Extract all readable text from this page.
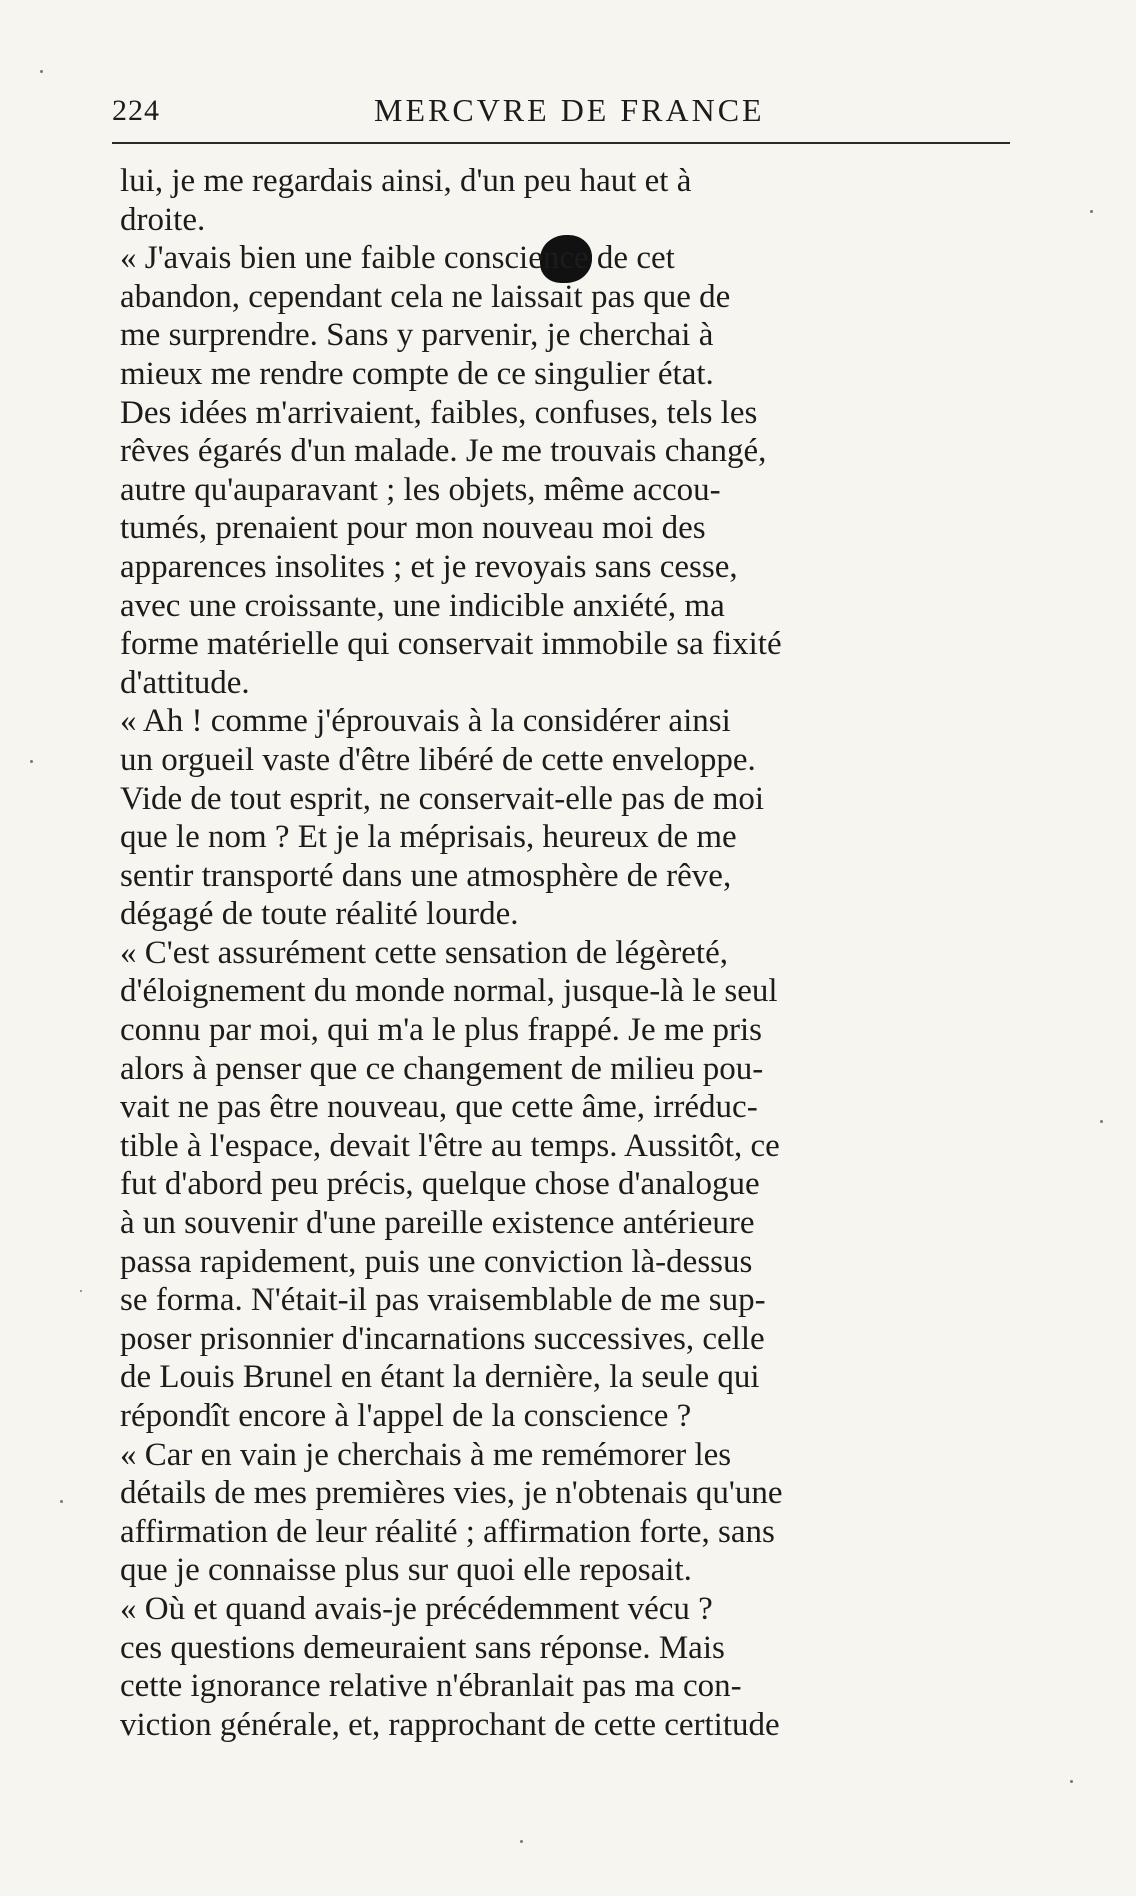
224	MERCVRE DE FRANCE
lui, je me regardais ainsi, d'un peu haut et à
droite.
« J'avais bien une faible conscience de cet
abandon, cependant cela ne laissait pas que de
me surprendre. Sans y parvenir, je cherchai à
mieux me rendre compte de ce singulier état.
Des idées m'arrivaient, faibles, confuses, tels les
rêves égarés d'un malade. Je me trouvais changé,
autre qu'auparavant ; les objets, même accou-
tumés, prenaient pour mon nouveau moi des
apparences insolites ; et je revoyais sans cesse,
avec une croissante, une indicible anxiété, ma
forme matérielle qui conservait immobile sa fixité
d'attitude.
« Ah ! comme j'éprouvais à la considérer ainsi
un orgueil vaste d'être libéré de cette enveloppe.
Vide de tout esprit, ne conservait-elle pas de moi
que le nom ? Et je la méprisais, heureux de me
sentir transporté dans une atmosphère de rêve,
dégagé de toute réalité lourde.
« C'est assurément cette sensation de légèreté,
d'éloignement du monde normal, jusque-là le seul
connu par moi, qui m'a le plus frappé. Je me pris
alors à penser que ce changement de milieu pou-
vait ne pas être nouveau, que cette âme, irréduc-
tible à l'espace, devait l'être au temps. Aussitôt, ce
fut d'abord peu précis, quelque chose d'analogue
à un souvenir d'une pareille existence antérieure
passa rapidement, puis une conviction là-dessus
se forma. N'était-il pas vraisemblable de me sup-
poser prisonnier d'incarnations successives, celle
de Louis Brunel en étant la dernière, la seule qui
répondît encore à l'appel de la conscience ?
« Car en vain je cherchais à me remémorer les
détails de mes premières vies, je n'obtenais qu'une
affirmation de leur réalité ; affirmation forte, sans
que je connaisse plus sur quoi elle reposait.
« Où et quand avais-je précédemment vécu ?
ces questions demeuraient sans réponse. Mais
cette ignorance relative n'ébranlait pas ma con-
viction générale, et, rapprochant de cette certitude
